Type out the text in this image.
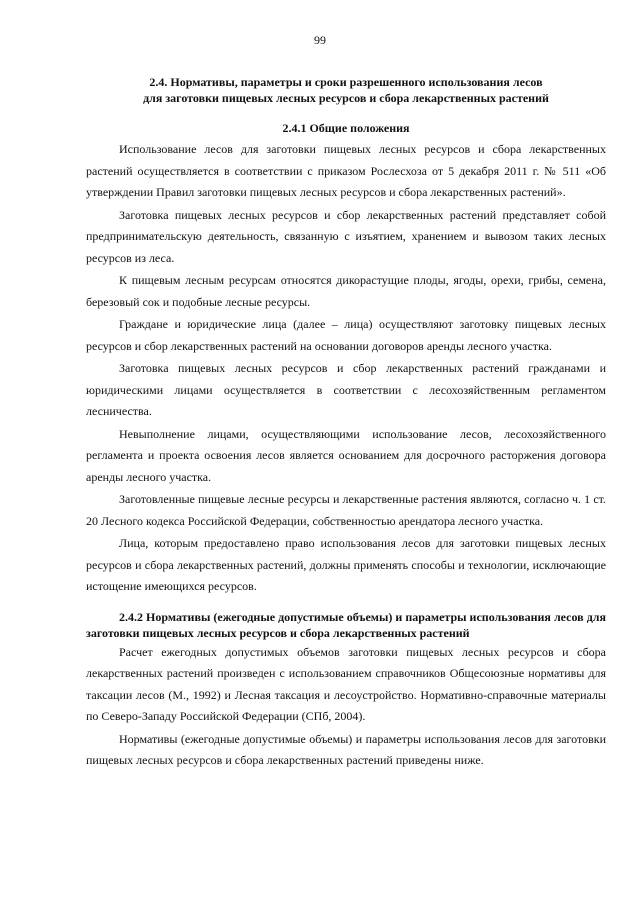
99
2.4. Нормативы, параметры и сроки разрешенного использования лесов
для заготовки пищевых лесных ресурсов и сбора лекарственных растений
2.4.1 Общие положения

Использование лесов для заготовки пищевых лесных ресурсов и сбора лекарственных растений осуществляется в соответствии с приказом Рослесхоза от 5 декабря 2011 г. № 511 «Об утверждении Правил заготовки пищевых лесных ресурсов и сбора лекарственных растений».

Заготовка пищевых лесных ресурсов и сбор лекарственных растений представляет собой предпринимательскую деятельность, связанную с изъятием, хранением и вывозом таких лесных ресурсов из леса.

К пищевым лесным ресурсам относятся дикорастущие плоды, ягоды, орехи, грибы, семена, березовый сок и подобные лесные ресурсы.

Граждане и юридические лица (далее – лица) осуществляют заготовку пищевых лесных ресурсов и сбор лекарственных растений на основании договоров аренды лесного участка.

Заготовка пищевых лесных ресурсов и сбор лекарственных растений гражданами и юридическими лицами осуществляется в соответствии с лесохозяйственным регламентом лесничества.

Невыполнение лицами, осуществляющими использование лесов, лесохозяйственного регламента и проекта освоения лесов является основанием для досрочного расторжения договора аренды лесного участка.

Заготовленные пищевые лесные ресурсы и лекарственные растения являются, согласно ч. 1 ст. 20 Лесного кодекса Российской Федерации, собственностью арендатора лесного участка.

Лица, которым предоставлено право использования лесов для заготовки пищевых лесных ресурсов и сбора лекарственных растений, должны применять способы и технологии, исключающие истощение имеющихся ресурсов.

2.4.2 Нормативы (ежегодные допустимые объемы) и параметры использования лесов для заготовки пищевых лесных ресурсов и сбора лекарственных растений

Расчет ежегодных допустимых объемов заготовки пищевых лесных ресурсов и сбора лекарственных растений произведен с использованием справочников Общесоюзные нормативы для таксации лесов (М., 1992) и Лесная таксация и лесоустройство. Нормативно-справочные материалы по Северо-Западу Российской Федерации (СПб, 2004).

Нормативы (ежегодные допустимые объемы) и параметры использования лесов для заготовки пищевых лесных ресурсов и сбора лекарственных растений приведены ниже.
